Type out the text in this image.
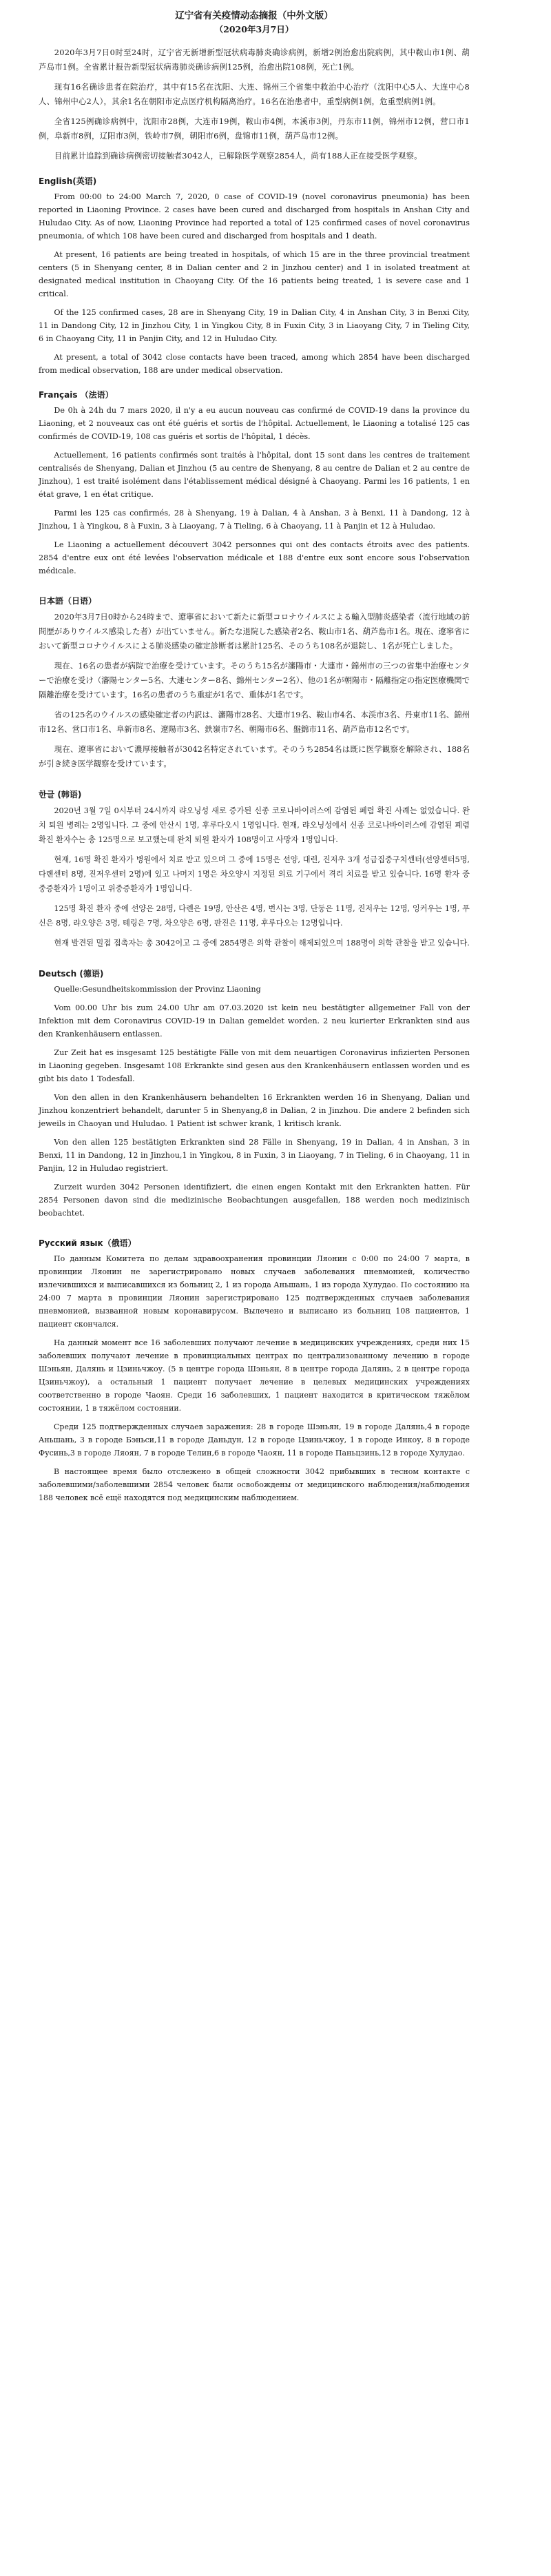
辽宁省有关疫情动态摘报（中外文版）

（2020年3月7日）

2020年3月7日0时至24时，辽宁省无新增新型冠状病毒肺炎确诊病例，新增2例治愈出院病例，其中鞍山市1例、葫芦岛市1例。全省累计报告新型冠状病毒肺炎确诊病例125例，治愈出院108例，死亡1例。

现有16名确诊患者在院治疗，其中有15名在沈阳、大连、锦州三个省集中救治中心治疗（沈阳中心5人、大连中心8人、锦州中心2人），其余1名在朝阳市定点医疗机构隔离治疗。16名在治患者中，重型病例1例，危重型病例1例。

全省125例确诊病例中，沈阳市28例，大连市19例，鞍山市4例，本溪市3例，丹东市11例，锦州市12例，营口市1例，阜新市8例，辽阳市3例，铁岭市7例，朝阳市6例，盘锦市11例，葫芦岛市12例。

目前累计追踪到确诊病例密切接触者3042人，已解除医学观察2854人，尚有188人正在接受医学观察。

English(英语)

From 00:00 to 24:00 March 7, 2020, 0 case of COVID-19 (novel coronavirus pneumonia) has been reported in Liaoning Province. 2 cases have been cured and discharged from hospitals in Anshan City and Huludao City. As of now, Liaoning Province had reported a total of 125 confirmed cases of novel coronavirus pneumonia, of which 108 have been cured and discharged from hospitals and 1 death.

At present, 16 patients are being treated in hospitals, of which 15 are in the three provincial treatment centers (5 in Shenyang center, 8 in Dalian center and 2 in Jinzhou center) and 1 in isolated treatment at designated medical institution in Chaoyang City. Of the 16 patients being treated, 1 is severe case and 1 critical.

Of the 125 confirmed cases, 28 are in Shenyang City, 19 in Dalian City, 4 in Anshan City, 3 in Benxi City, 11 in Dandong City, 12 in Jinzhou City, 1 in Yingkou City, 8 in Fuxin City, 3 in Liaoyang City, 7 in Tieling City, 6 in Chaoyang City, 11 in Panjin City, and 12 in Huludao City.

At present, a total of 3042 close contacts have been traced, among which 2854 have been discharged from medical observation, 188 are under medical observation.

Français （法语）

De 0h à 24h du 7 mars 2020, il n'y a eu aucun nouveau cas confirmé de COVID-19 dans la province du Liaoning, et 2 nouveaux cas ont été guéris et sortis de l'hôpital. Actuellement, le Liaoning a totalisé 125 cas confirmés de COVID-19, 108 cas guéris et sortis de l'hôpital, 1 décès.

Actuellement, 16 patients confirmés sont traités à l'hôpital, dont 15 sont dans les centres de traitement centralisés de Shenyang, Dalian et Jinzhou (5 au centre de Shenyang, 8 au centre de Dalian et 2 au centre de Jinzhou), 1 est traité isolément dans l'établissement médical désigné à Chaoyang. Parmi les 16 patients, 1 en état grave, 1 en état critique.

Parmi les 125 cas confirmés, 28 à Shenyang, 19 à Dalian, 4 à Anshan, 3 à Benxi, 11 à Dandong, 12 à Jinzhou, 1 à Yingkou, 8 à Fuxin, 3 à Liaoyang, 7 à Tieling, 6 à Chaoyang, 11 à Panjin et 12 à Huludao.

Le Liaoning a actuellement découvert 3042 personnes qui ont des contacts étroits avec des patients. 2854 d'entre eux ont été levées l'observation médicale et 188 d'entre eux sont encore sous l'observation médicale.

日本語（日语）

2020年3月7日0時から24時まで、遼寧省において新たに新型コロナウイルスによる輸入型肺炎感染者（流行地域の訪問歴がありウイルス感染した者）が出ていません。新たな退院した感染者2名、鞍山市1名、葫芦島市1名。現在、遼寧省において新型コロナウイルスによる肺炎感染の確定診断者は累計125名、そのうち108名が退院し、1名が死亡しました。

現在、16名の患者が病院で治療を受けています。そのうち15名が瀋陽市・大連市・錦州市の三つの省集中治療センターで治療を受け（瀋陽センター5名、大連センター8名、錦州センター2名）、他の1名が朝陽市・隔離指定の指定医療機関で隔離治療を受けています。16名の患者のうち重症が1名で、重体が1名です。

省の125名のウイルスの感染確定者の内訳は、瀋陽市28名、大連市19名、鞍山市4名、本渓市3名、丹東市11名、錦州市12名、営口市1名、阜新市8名、遼陽市3名、鉄嶺市7名、朝陽市6名、盤錦市11名、葫芦島市12名です。

現在、遼寧省において濃厚接触者が3042名特定されています。そのうち2854名は既に医学観察を解除され、188名が引き続き医学観察を受けています。

한글 (韩语)

2020년 3월 7일 0시부터 24시까지 랴오닝성 새로 증가된 신종 코로나바이러스에 감염된 폐렴 확진 사례는 없었습니다. 완치 퇴원 병례는 2명입니다. 그 중에 안산시 1명, 후루다오시 1명입니다. 현재, 랴오닝성에서 신종 코로나바이러스에 감염된 폐렴 확진 환자수는 총 125명으로 보고했는데 완치 퇴원 환자가 108명이고 사망자 1명입니다.

현재, 16명 확진 환자가 병원에서 치료 받고 있으며 그 중에 15명은 선양, 대련, 진저우 3개 성급집중구치센터(선양센터5명, 다롄센터 8명, 진저우센터 2명)에 있고 나머지 1명은 차오양시 지정된 의료 기구에서 격리 치료를 받고 있습니다. 16명 환자 중 중증환자가 1명이고 위중증환자가 1명입니다.

125명 확진 환자 중에 선양은 28명, 다롄은 19명, 안산은 4명, 번시는 3명, 단둥은 11명, 진저우는 12명, 잉커우는 1명, 푸신은 8명, 랴오양은 3명, 톄링은 7명, 차오양은 6명, 판진은 11명, 후루다오는 12명입니다.

현재 발견된 밀접 접촉자는 총 3042이고 그 중에 2854명은 의학 관찰이 해제되었으며 188명이 의학 관찰을 받고 있습니다.

Deutsch (德语)

Quelle:Gesundheitskommission der Provinz Liaoning

Vom 00.00 Uhr bis zum 24.00 Uhr am 07.03.2020 ist kein neu bestätigter allgemeiner Fall von der Infektion mit dem Coronavirus COVID-19 in Dalian gemeldet worden. 2 neu kurierter Erkrankten sind aus den Krankenhäusern entlassen.

Zur Zeit hat es insgesamt 125 bestätigte Fälle von mit dem neuartigen Coronavirus infizierten Personen in Liaoning gegeben. Insgesamt 108 Erkrankte sind gesen aus den Krankenhäusern entlassen worden und es gibt bis dato 1 Todesfall.

Von den allen in den Krankenhäusern behandelten 16 Erkrankten werden 16 in Shenyang, Dalian und Jinzhou konzentriert behandelt, darunter 5 in Shenyang,8 in Dalian, 2 in Jinzhou. Die andere 2 befinden sich jeweils in Chaoyan und Huludao. 1 Patient ist schwer krank, 1 kritisch krank.

Von den allen 125 bestätigten Erkrankten sind 28 Fälle in Shenyang, 19 in Dalian, 4 in Anshan, 3 in Benxi, 11 in Dandong, 12 in Jinzhou,1 in Yingkou, 8 in Fuxin, 3 in Liaoyang, 7 in Tieling, 6 in Chaoyang, 11 in Panjin, 12 in Huludao registriert.

Zurzeit wurden 3042 Personen identifiziert, die einen engen Kontakt mit den Erkrankten hatten. Für 2854 Personen davon sind die medizinische Beobachtungen ausgefallen, 188 werden noch medizinisch beobachtet.

Русский язык（俄语）

По данным Комитета по делам здравоохранения провинции Ляонин с 0:00 по 24:00 7 марта, в провинции Ляонин не зарегистрировано новых случаев заболевания пневмонией, количество излечившихся и выписавшихся из больниц 2, 1 из города Аньшань, 1 из города Хулудао. По состоянию на 24:00 7 марта в провинции Ляонин зарегистрировано 125 подтвержденных случаев заболевания пневмонией, вызванной новым коронавирусом. Вылечено и выписано из больниц 108 пациентов, 1 пациент скончался.

На данный момент все 16 заболевших получают лечение в медицинских учреждениях, среди них 15 заболевших получают лечение в провинциальных центрах по централизованному лечению в городе Шэньян, Далянь и Цзиньчжоу. (5 в центре города Шэньян, 8 в центре города Далянь, 2 в центре города Цзиньчжоу), а остальный 1 пациент получает лечение в целевых медицинских учреждениях соответственно в городе Чаоян. Среди 16 заболевших, 1 пациент находится в критическом тяжёлом состоянии, 1 в тяжёлом состоянии.

Среди 125 подтвержденных случаев заражения: 28 в городе Шэньян, 19 в городе Далянь,4 в городе Аньшань, 3 в городе Бэньси,11 в городе Даньдун, 12 в городе Цзиньчжоу, 1 в городе Инкоу, 8 в городе Фусинь,3 в городе Ляоян, 7 в городе Телин,6 в городе Чаоян, 11 в городе Паньцзинь,12 в городе Хулудао.

В настоящее время было отслежено в общей сложности 3042 прибывших в тесном контакте с заболевшими/заболевшими 2854 человек были освобождены от медицинского наблюдения/наблюдения 188 человек всё ещё находятся под медицинским наблюдением.
